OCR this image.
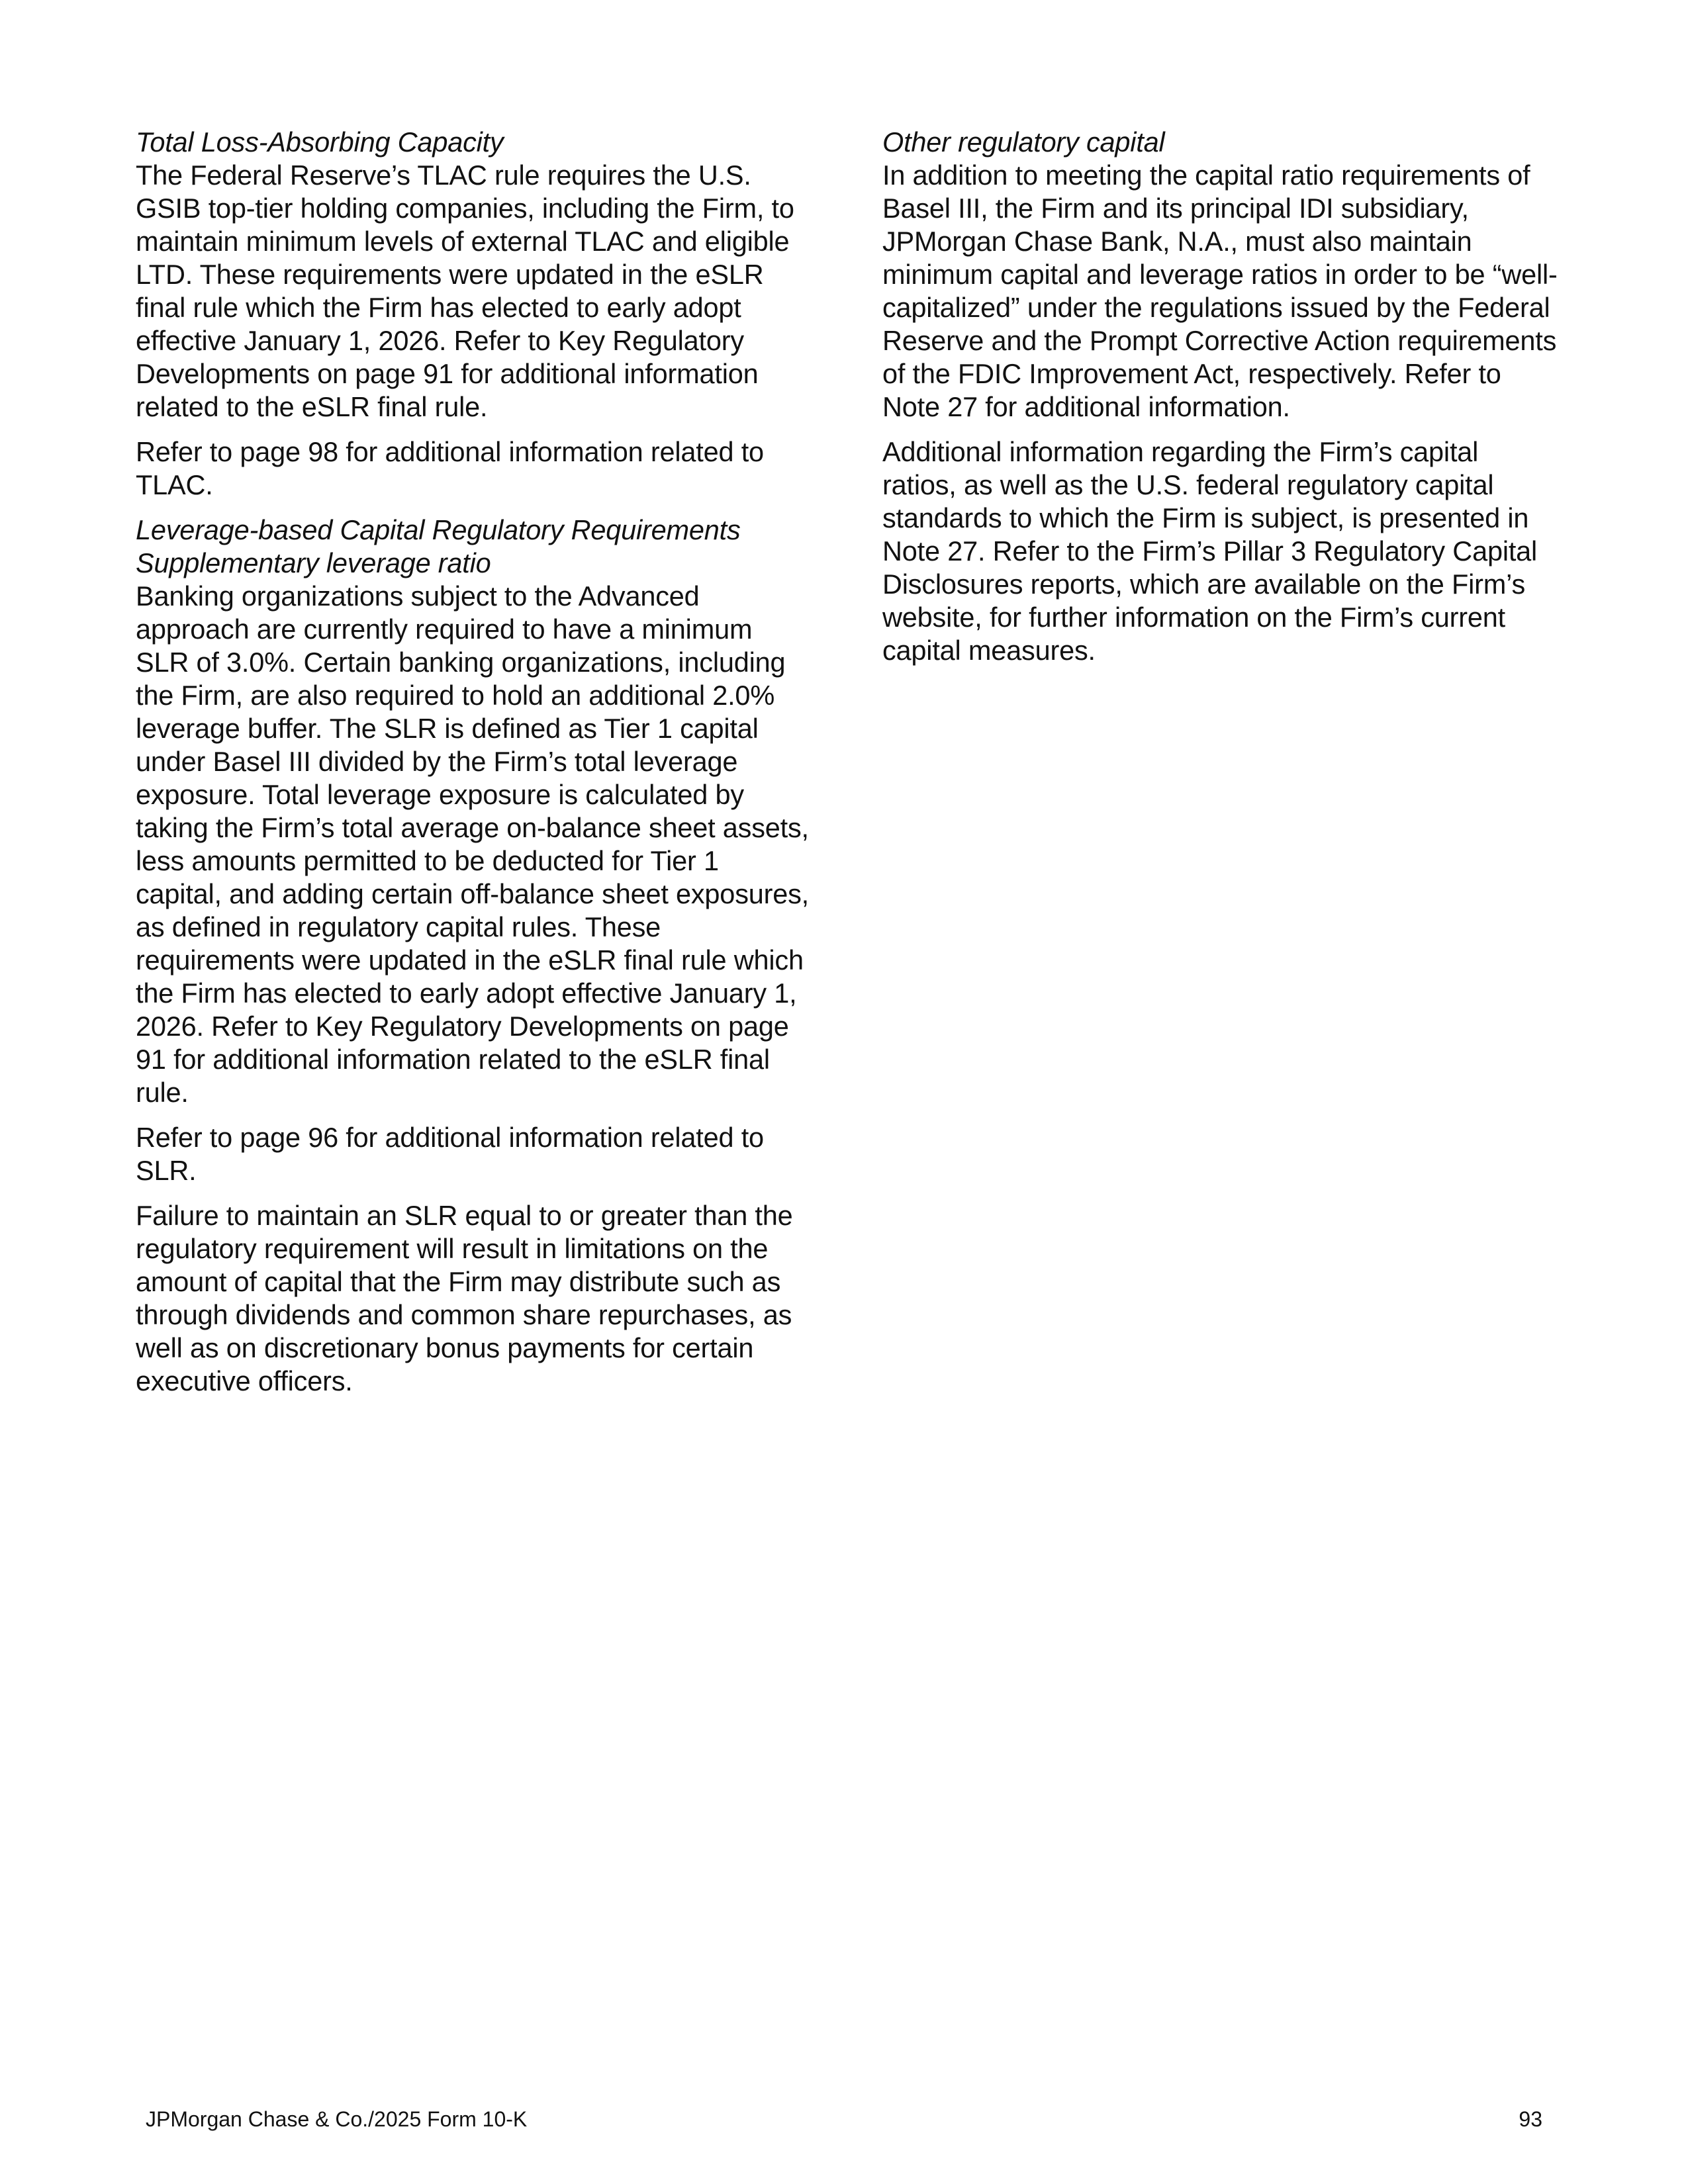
Total Loss-Absorbing Capacity

The Federal Reserve’s TLAC rule requires the U.S. GSIB top-tier holding companies, including the Firm, to maintain minimum levels of external TLAC and eligible LTD. These requirements were updated in the eSLR final rule which the Firm has elected to early adopt effective January 1, 2026. Refer to Key Regulatory Developments on page 91 for additional information related to the eSLR final rule.

Refer to page 98 for additional information related to TLAC.

Leverage-based Capital Regulatory Requirements

Supplementary leverage ratio

Banking organizations subject to the Advanced approach are currently required to have a minimum SLR of 3.0%. Certain banking organizations, including the Firm, are also required to hold an additional 2.0% leverage buffer. The SLR is defined as Tier 1 capital under Basel III divided by the Firm’s total leverage exposure. Total leverage exposure is calculated by taking the Firm’s total average on-balance sheet assets, less amounts permitted to be deducted for Tier 1 capital, and adding certain off-balance sheet exposures, as defined in regulatory capital rules. These requirements were updated in the eSLR final rule which the Firm has elected to early adopt effective January 1, 2026. Refer to Key Regulatory Developments on page 91 for additional information related to the eSLR final rule.

Refer to page 96 for additional information related to SLR.

Failure to maintain an SLR equal to or greater than the regulatory requirement will result in limitations on the amount of capital that the Firm may distribute such as through dividends and common share repurchases, as well as on discretionary bonus payments for certain executive officers.

Other regulatory capital

In addition to meeting the capital ratio requirements of Basel III, the Firm and its principal IDI subsidiary, JPMorgan Chase Bank, N.A., must also maintain minimum capital and leverage ratios in order to be “well-capitalized” under the regulations issued by the Federal Reserve and the Prompt Corrective Action requirements of the FDIC Improvement Act, respectively. Refer to Note 27 for additional information.

Additional information regarding the Firm’s capital ratios, as well as the U.S. federal regulatory capital standards to which the Firm is subject, is presented in Note 27. Refer to the Firm’s Pillar 3 Regulatory Capital Disclosures reports, which are available on the Firm’s website, for further information on the Firm’s current capital measures.

JPMorgan Chase & Co./2025 Form 10-K	93
